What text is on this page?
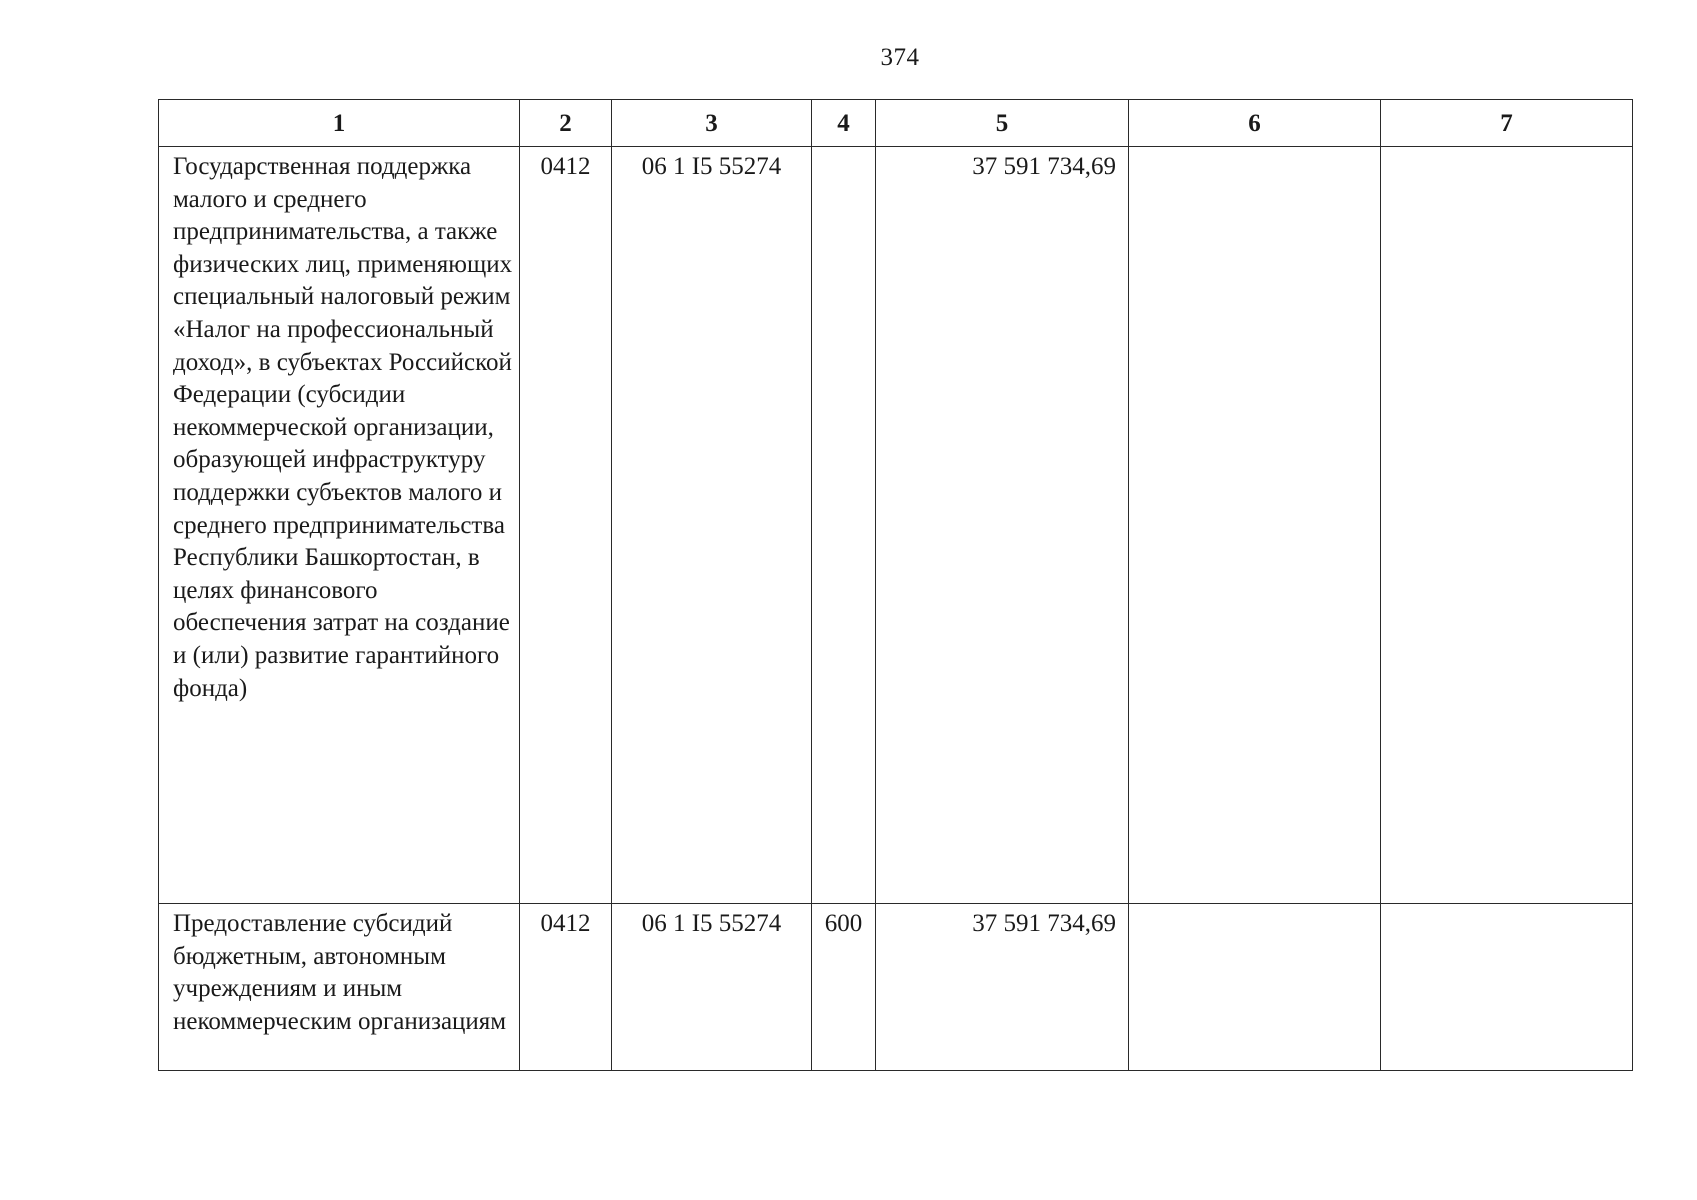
374
1	2	3	4	5	6	7
Государственная поддержка малого и среднего предпринимательства, а также физических лиц, применяющих специальный налоговый режим «Налог на профессиональный доход», в субъектах Российской Федерации (субсидии некоммерческой организации, образующей инфраструктуру поддержки субъектов малого и среднего предпринимательства Республики Башкортостан, в целях финансового обеспечения затрат на создание и (или) развитие гарантийного фонда)	0412	06 1 I5 55274		37 591 734,69		
Предоставление субсидий бюджетным, автономным учреждениям и иным некоммерческим организациям	0412	06 1 I5 55274	600	37 591 734,69		
